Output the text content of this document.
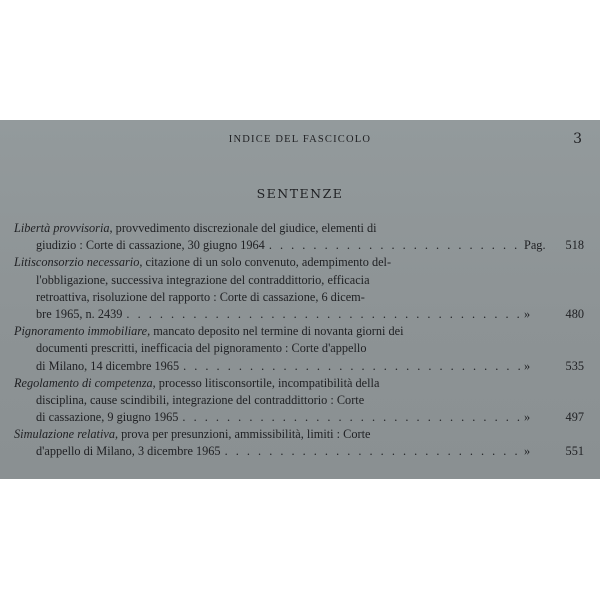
INDICE DEL FASCICOLO	3
SENTENZE
Libertà provvisoria, provvedimento discrezionale del giudice, elementi di
giudizio : Corte di cassazione, 30 giugno 1964 . . .	Pag.	518
Litisconsorzio necessario, citazione di un solo convenuto, adempimento del-
l'obbligazione, successiva integrazione del contraddittorio, efficacia
retroattiva, risoluzione del rapporto : Corte di cassazione, 6 dicem-
bre 1965, n. 2439 . . .	»	480
Pignoramento immobiliare, mancato deposito nel termine di novanta giorni dei
documenti prescritti, inefficacia del pignoramento : Corte d'appello
di Milano, 14 dicembre 1965 . . .	»	535
Regolamento di competenza, processo litisconsortile, incompatibilità della
disciplina, cause scindibili, integrazione del contraddittorio : Corte
di cassazione, 9 giugno 1965 . . .	»	497
Simulazione relativa, prova per presunzioni, ammissibilità, limiti : Corte
d'appello di Milano, 3 dicembre 1965 . . .	»	551
